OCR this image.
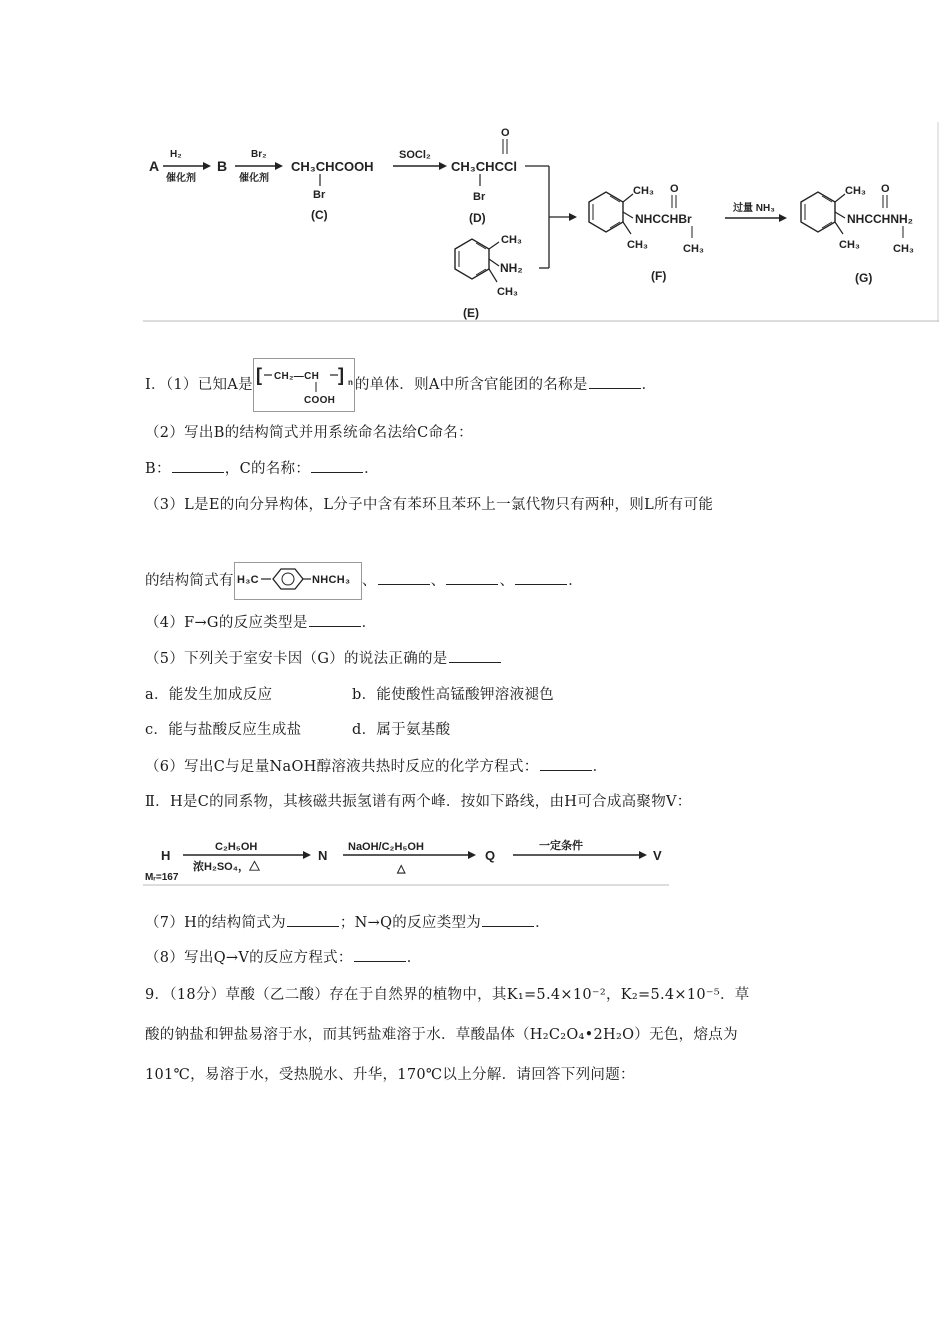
A
H₂
催化剂
B
Br₂
催化剂
CH₃CHCOOH
Br
(C)
SOCl₂
O
CH₃CHCCl
Br
(D)
CH₃
NH₂
CH₃
(E)
CH₃ O
NHCCHBr
CH₃	CH₃
(F)
过量 NH₃
CH₃ O
NHCCHNH₂
CH₃	CH₃
(G)
Ⅰ．（1）已知A是 [ CH₂—CH ] n
COOH
的单体．则A中所含官能团的名称是	．
（2）写出B的结构简式并用系统命名法给C命名：
B：	，C的名称：	．
（3）L是E的向分异构体，L分子中含有苯环且苯环上一氯代物只有两种，则L所有可能
的结构简式有 H₃C	NHCH₃ 、	、	、	．
（4）F→G的反应类型是	．
（5）下列关于室安卡因（G）的说法正确的是
a．能发生加成反应	b．能使酸性高锰酸钾溶液褪色
c．能与盐酸反应生成盐	d．属于氨基酸
（6）写出C与足量NaOH醇溶液共热时反应的化学方程式：	．
Ⅱ．H是C的同系物，其核磁共振氢谱有两个峰．按如下路线，由H可合成高聚物V：
H
Mᵣ=167
C₂H₅OH
浓H₂SO₄，△
N
NaOH/C₂H₅OH
△
Q
一定条件
V
（7）H的结构简式为	；N→Q的反应类型为	．
（8）写出Q→V的反应方程式：	．
9．（18分）草酸（乙二酸）存在于自然界的植物中，其K₁=5.4×10⁻²，K₂=5.4×10⁻⁵．草
酸的钠盐和钾盐易溶于水，而其钙盐难溶于水．草酸晶体（H₂C₂O₄•2H₂O）无色，熔点为
101℃，易溶于水，受热脱水、升华，170℃以上分解．请回答下列问题：
